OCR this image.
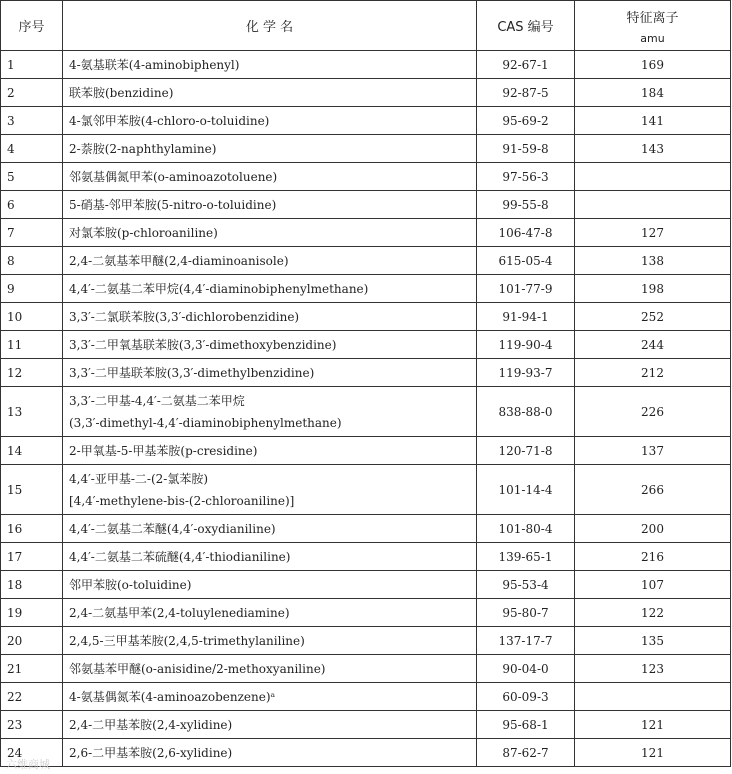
序号	化 学 名	CAS 编号	特征离子
amu

1	4-氨基联苯(4-aminobiphenyl)	92-67-1	169
2	联苯胺(benzidine)	92-87-5	184
3	4-氯邻甲苯胺(4-chloro-o-toluidine)	95-69-2	141
4	2-萘胺(2-naphthylamine)	91-59-8	143
5	邻氨基偶氮甲苯(o-aminoazotoluene)	97-56-3	
6	5-硝基-邻甲苯胺(5-nitro-o-toluidine)	99-55-8	
7	对氯苯胺(p-chloroaniline)	106-47-8	127
8	2,4-二氨基苯甲醚(2,4-diaminoanisole)	615-05-4	138
9	4,4′-二氨基二苯甲烷(4,4′-diaminobiphenylmethane)	101-77-9	198
10	3,3′-二氯联苯胺(3,3′-dichlorobenzidine)	91-94-1	252
11	3,3′-二甲氧基联苯胺(3,3′-dimethoxybenzidine)	119-90-4	244
12	3,3′-二甲基联苯胺(3,3′-dimethylbenzidine)	119-93-7	212
13	3,3′-二甲基-4,4′-二氨基二苯甲烷
(3,3′-dimethyl-4,4′-diaminobiphenylmethane)	838-88-0	226
14	2-甲氧基-5-甲基苯胺(p-cresidine)	120-71-8	137
15	4,4′-亚甲基-二-(2-氯苯胺)
[4,4′-methylene-bis-(2-chloroaniline)]	101-14-4	266
16	4,4′-二氨基二苯醚(4,4′-oxydianiline)	101-80-4	200
17	4,4′-二氨基二苯硫醚(4,4′-thiodianiline)	139-65-1	216
18	邻甲苯胺(o-toluidine)	95-53-4	107
19	2,4-二氨基甲苯(2,4-toluylenediamine)	95-80-7	122
20	2,4,5-三甲基苯胺(2,4,5-trimethylaniline)	137-17-7	135
21	邻氨基苯甲醚(o-anisidine/2-methoxyaniline)	90-04-0	123
22	4-氨基偶氮苯(4-aminoazobenzene)ᵃ	60-09-3	
23	2,4-二甲基苯胺(2,4-xylidine)	95-68-1	121
24	2,6-二甲基苯胺(2,6-xylidine)	87-62-7	121
六维商城
